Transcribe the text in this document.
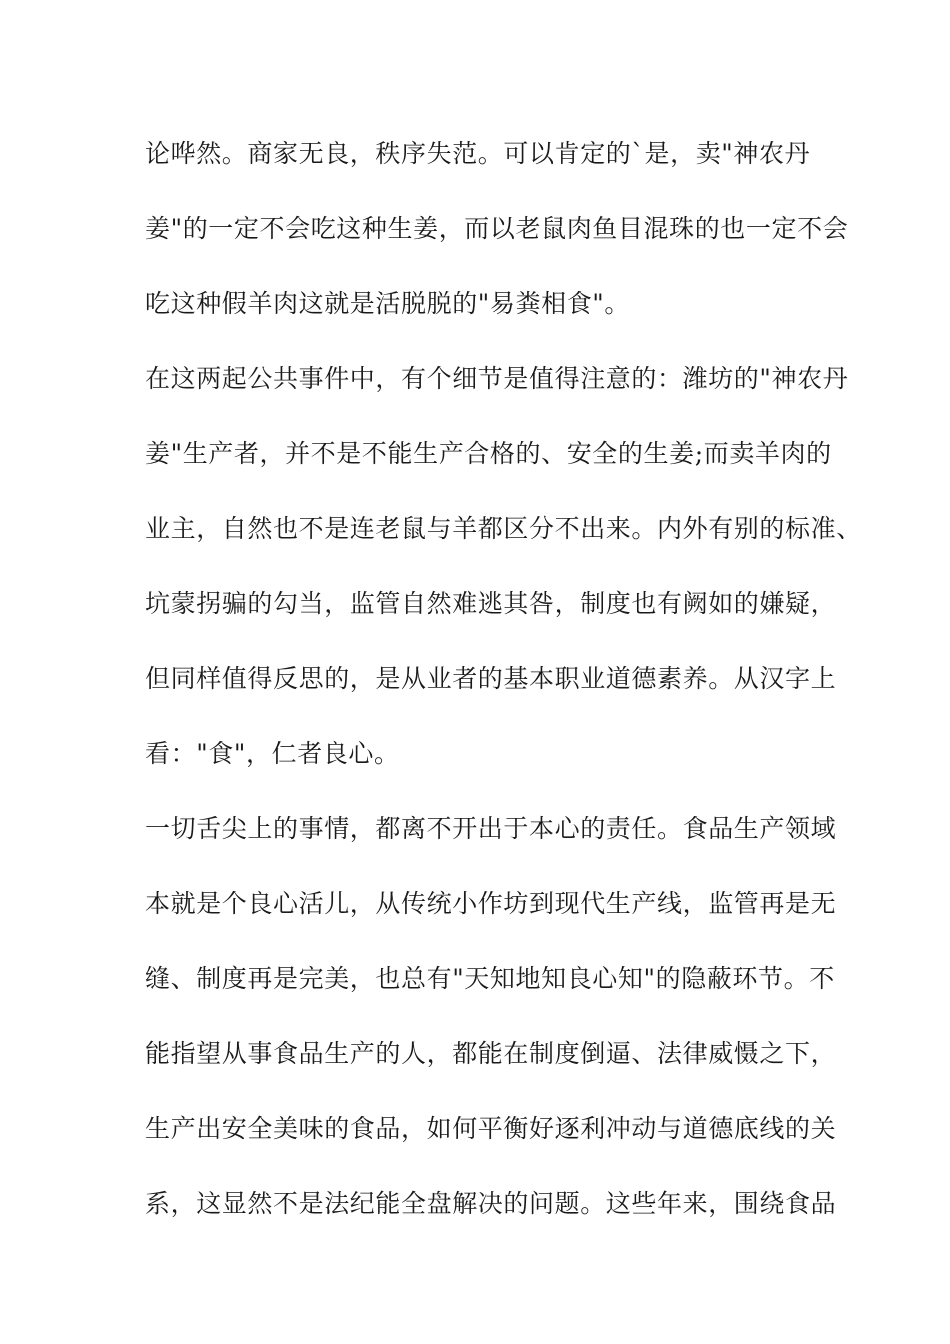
论哗然。商家无良，秩序失范。可以肯定的`是，卖"神农丹
姜"的一定不会吃这种生姜，而以老鼠肉鱼目混珠的也一定不会
吃这种假羊肉这就是活脱脱的"易粪相食"。
在这两起公共事件中，有个细节是值得注意的：潍坊的"神农丹
姜"生产者，并不是不能生产合格的、安全的生姜;而卖羊肉的
业主，自然也不是连老鼠与羊都区分不出来。内外有别的标准、
坑蒙拐骗的勾当，监管自然难逃其咎，制度也有阙如的嫌疑，
但同样值得反思的，是从业者的基本职业道德素养。从汉字上
看："食"，仁者良心。
一切舌尖上的事情，都离不开出于本心的责任。食品生产领域
本就是个良心活儿，从传统小作坊到现代生产线，监管再是无
缝、制度再是完美，也总有"天知地知良心知"的隐蔽环节。不
能指望从事食品生产的人，都能在制度倒逼、法律威慑之下，
生产出安全美味的食品，如何平衡好逐利冲动与道德底线的关
系，这显然不是法纪能全盘解决的问题。这些年来，围绕食品
